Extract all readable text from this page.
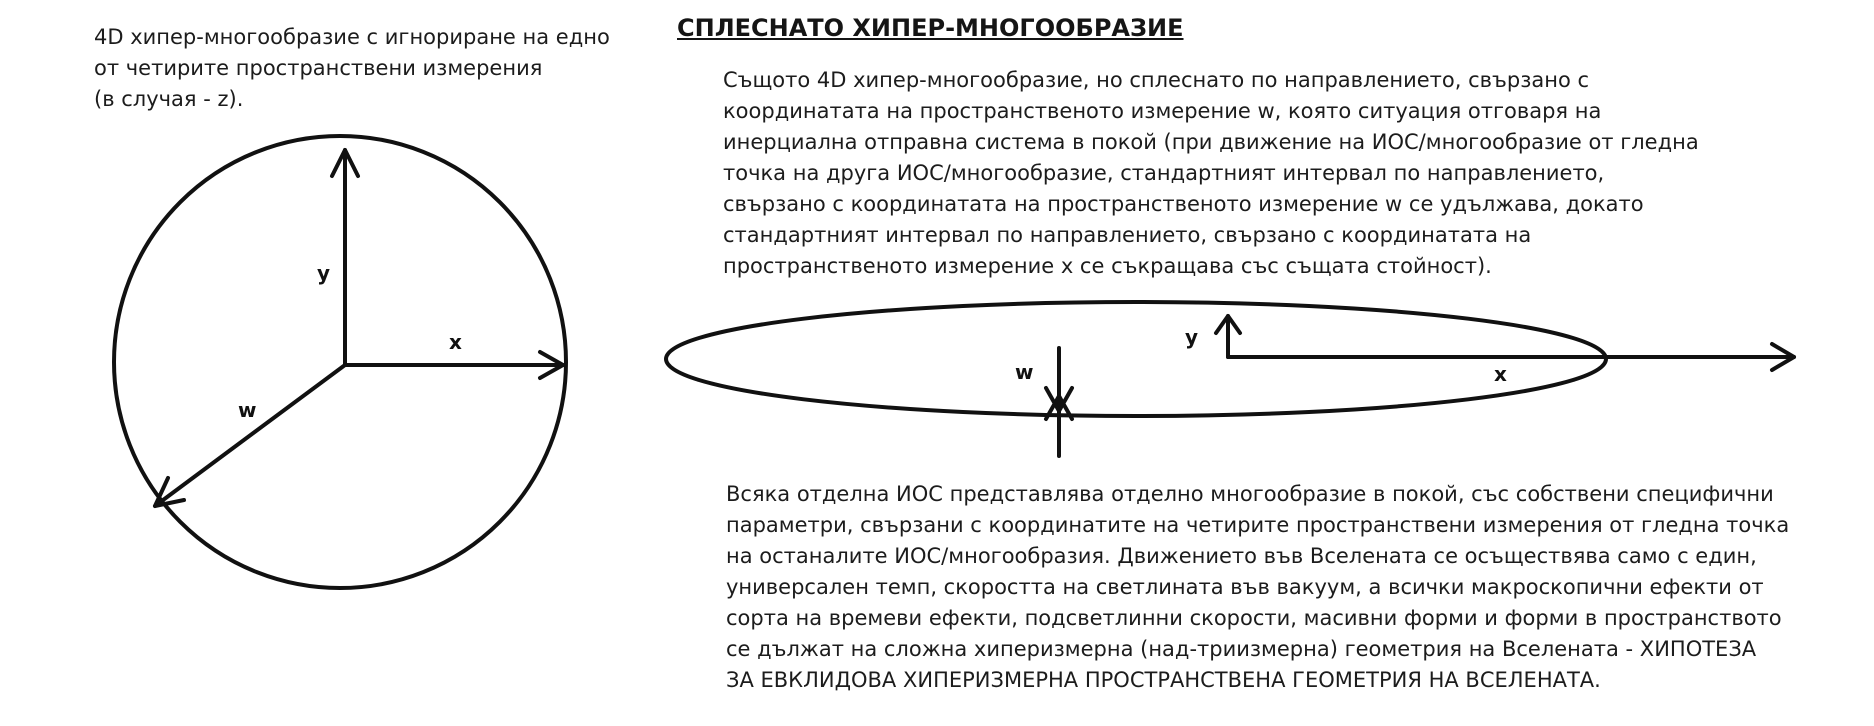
y
x
w
y
x
w
4D хипер-многообразие с игнориране на едно
от четирите пространствени измерения
(в случая - z).
СПЛЕСНАТО ХИПЕР-МНОГООБРАЗИЕ
Същото 4D хипер-многообразие, но сплеснато по направлението, свързано с
координатата на пространственото измерение w, която ситуация отговаря на
инерциална отправна система в покой (при движение на ИОС/многообразие от гледна
точка на друга ИОС/многообразие, стандартният интервал по направлението,
свързано с координатата на пространственото измерение w се удължава, докато
стандартният интервал по направлението, свързано с координатата на
пространственото измерение x се съкращава със същата стойност).
Всяка отделна ИОС представлява отделно многообразие в покой, със собствени специфични
параметри, свързани с координатите на четирите пространствени измерения от гледна точка
на останалите ИОС/многообразия. Движението във Вселената се осъществява само с един,
универсален темп, скоростта на светлината във вакуум, а всички макроскопични ефекти от
сорта на времеви ефекти, подсветлинни скорости, масивни форми и форми в пространството
се дължат на сложна хиперизмерна (над-триизмерна) геометрия на Вселената - ХИПОТЕЗА
ЗА ЕВКЛИДОВА ХИПЕРИЗМЕРНА ПРОСТРАНСТВЕНА ГЕОМЕТРИЯ НА ВСЕЛЕНАТА.
